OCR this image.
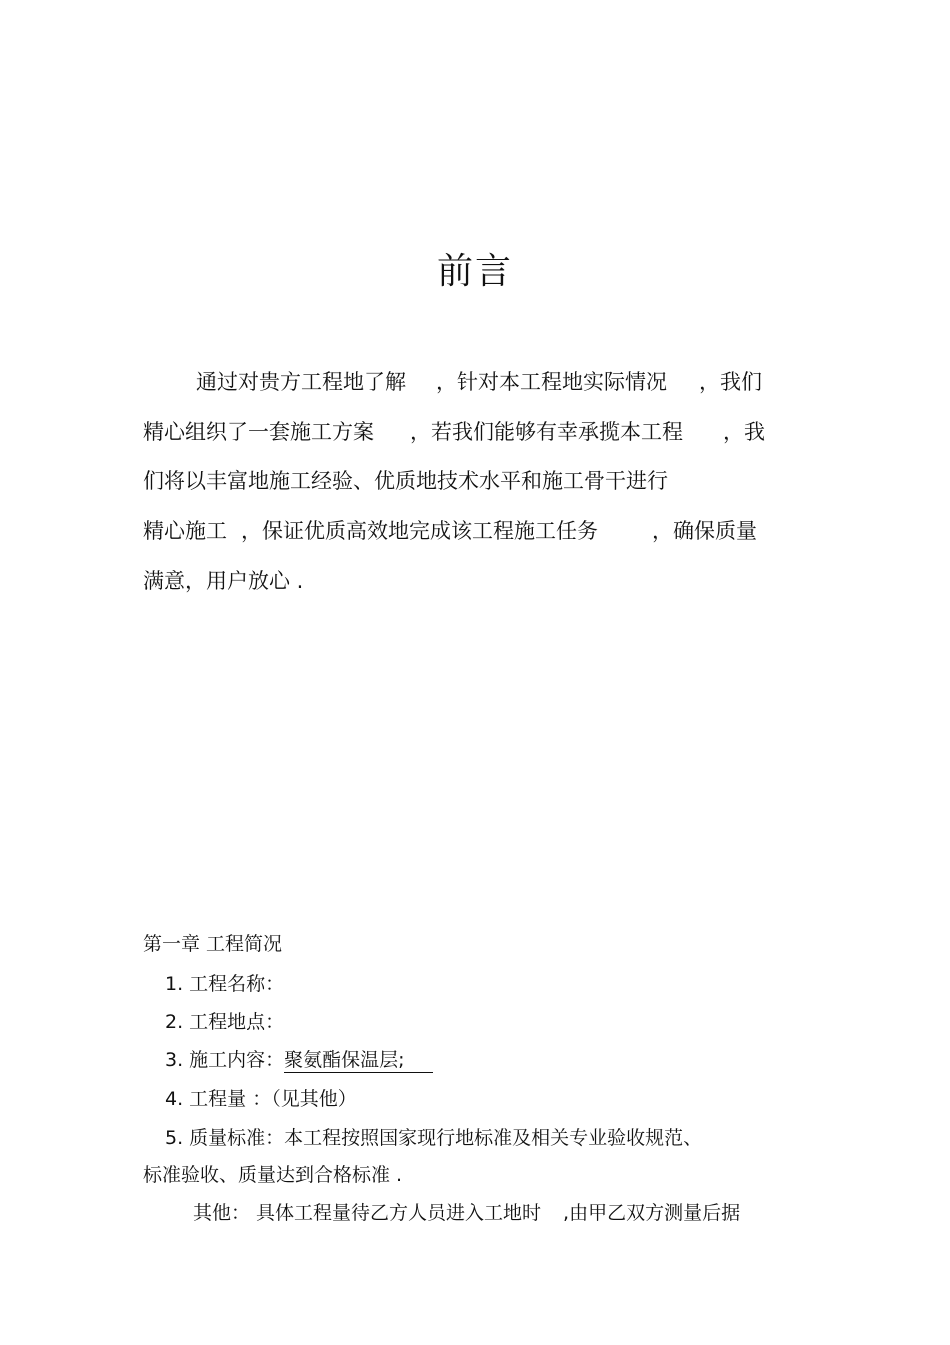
前言
通过对贵方工程地了解 ，针对本工程地实际情况 ，我们
精心组织了一套施工方案 ，若我们能够有幸承揽本工程 ，我
们将以丰富地施工经验、优质地技术水平和施工骨干进行
精心施工 ，保证优质高效地完成该工程施工任务	，确保质量
满意，用户放心 .
第一章 工程简况
1. 工程名称：
2. 工程地点：
3. 施工内容：聚氨酯保温层;
4. 工程量 ：（见其他）
5. 质量标准：本工程按照国家现行地标准及相关专业验收规范、
标准验收、质量达到合格标准 .
其他： 具体工程量待乙方人员进入工地时 ,由甲乙双方测量后据
